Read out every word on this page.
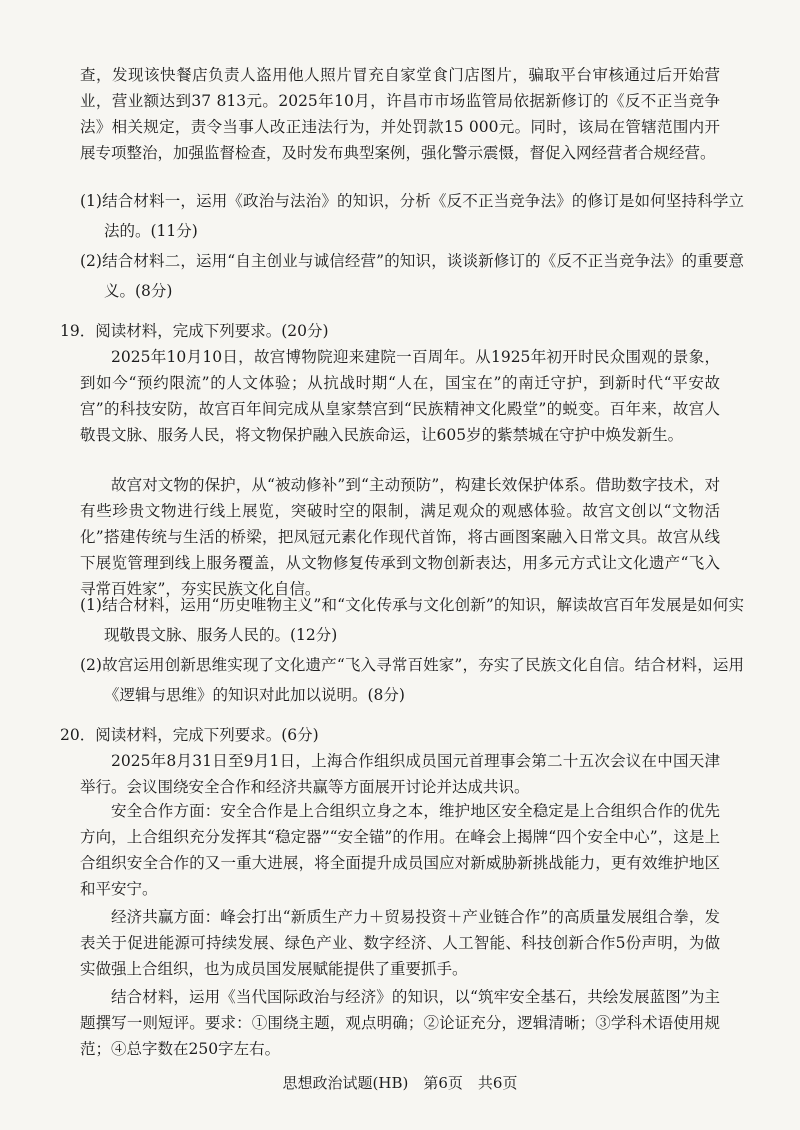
查，发现该快餐店负责人盗用他人照片冒充自家堂食门店图片，骗取平台审核通过后开始营业，营业额达到37 813元。2025年10月，许昌市市场监管局依据新修订的《反不正当竞争法》相关规定，责令当事人改正违法行为，并处罚款15 000元。同时，该局在管辖范围内开展专项整治，加强监督检查，及时发布典型案例，强化警示震慑，督促入网经营者合规经营。

(1)结合材料一，运用《政治与法治》的知识，分析《反不正当竞争法》的修订是如何坚持科学立法的。(11分)

(2)结合材料二，运用“自主创业与诚信经营”的知识，谈谈新修订的《反不正当竞争法》的重要意义。(8分)

19．阅读材料，完成下列要求。(20分)

2025年10月10日，故宫博物院迎来建院一百周年。从1925年初开时民众围观的景象，到如今“预约限流”的人文体验；从抗战时期“人在，国宝在”的南迁守护，到新时代“平安故宫”的科技安防，故宫百年间完成从皇家禁宫到“民族精神文化殿堂”的蜕变。百年来，故宫人敬畏文脉、服务人民，将文物保护融入民族命运，让605岁的紫禁城在守护中焕发新生。

故宫对文物的保护，从“被动修补”到“主动预防”，构建长效保护体系。借助数字技术，对有些珍贵文物进行线上展览，突破时空的限制，满足观众的观感体验。故宫文创以“文物活化”搭建传统与生活的桥梁，把凤冠元素化作现代首饰，将古画图案融入日常文具。故宫从线下展览管理到线上服务覆盖，从文物修复传承到文物创新表达，用多元方式让文化遗产“飞入寻常百姓家”，夯实民族文化自信。

(1)结合材料，运用“历史唯物主义”和“文化传承与文化创新”的知识，解读故宫百年发展是如何实现敬畏文脉、服务人民的。(12分)

(2)故宫运用创新思维实现了文化遗产“飞入寻常百姓家”，夯实了民族文化自信。结合材料，运用《逻辑与思维》的知识对此加以说明。(8分)

20．阅读材料，完成下列要求。(6分)

2025年8月31日至9月1日，上海合作组织成员国元首理事会第二十五次会议在中国天津举行。会议围绕安全合作和经济共赢等方面展开讨论并达成共识。

安全合作方面：安全合作是上合组织立身之本，维护地区安全稳定是上合组织合作的优先方向，上合组织充分发挥其“稳定器”“安全锚”的作用。在峰会上揭牌“四个安全中心”，这是上合组织安全合作的又一重大进展，将全面提升成员国应对新威胁新挑战能力，更有效维护地区和平安宁。

经济共赢方面：峰会打出“新质生产力＋贸易投资＋产业链合作”的高质量发展组合拳，发表关于促进能源可持续发展、绿色产业、数字经济、人工智能、科技创新合作5份声明，为做实做强上合组织，也为成员国发展赋能提供了重要抓手。

结合材料，运用《当代国际政治与经济》的知识，以“筑牢安全基石，共绘发展蓝图”为主题撰写一则短评。要求：①围绕主题，观点明确；②论证充分，逻辑清晰；③学科术语使用规范；④总字数在250字左右。

思想政治试题(HB)　第6页　共6页
